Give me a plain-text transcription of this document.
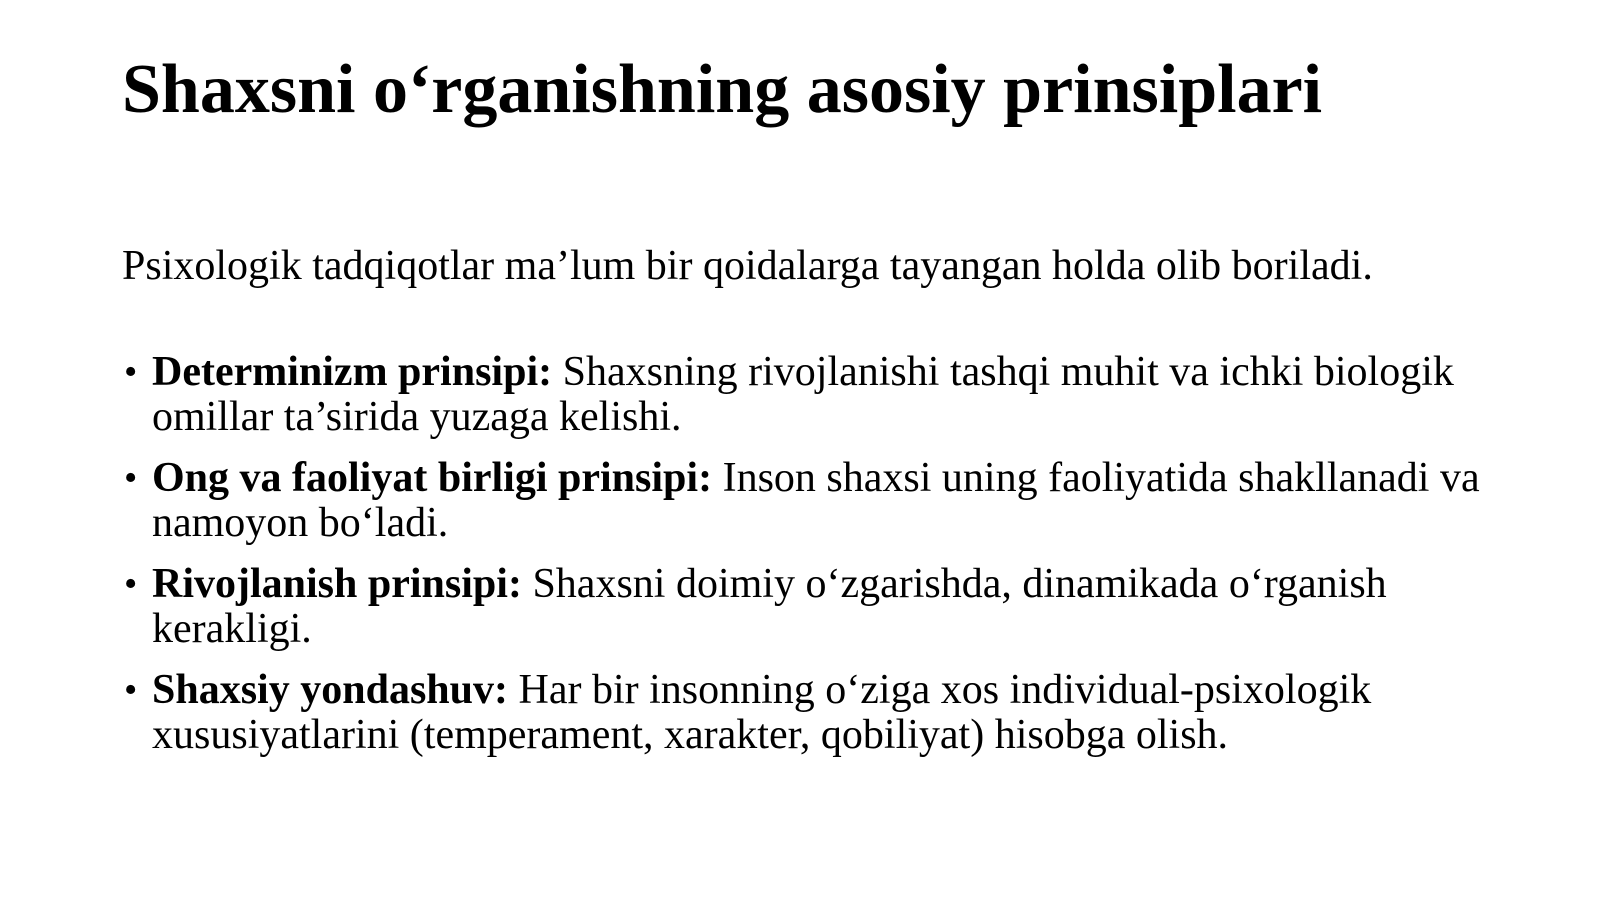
Shaxsni o‘rganishning asosiy prinsiplari

Psixologik tadqiqotlar ma’lum bir qoidalarga tayangan holda olib boriladi.

• Determinizm prinsipi: Shaxsning rivojlanishi tashqi muhit va ichki biologik omillar ta’sirida yuzaga kelishi.
• Ong va faoliyat birligi prinsipi: Inson shaxsi uning faoliyatida shakllanadi va namoyon bo‘ladi.
• Rivojlanish prinsipi: Shaxsni doimiy o‘zgarishda, dinamikada o‘rganish kerakligi.
• Shaxsiy yondashuv: Har bir insonning o‘ziga xos individual-psixologik xususiyatlarini (temperament, xarakter, qobiliyat) hisobga olish.
